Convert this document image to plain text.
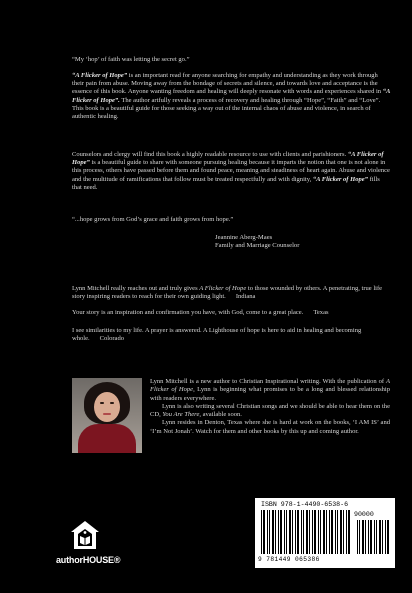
“My ‘hop’ of faith was letting the secret go.”

“A Flicker of Hope” is an important read for anyone searching for empathy and understanding as they work through their pain from abuse. Moving away from the bondage of secrets and silence, and towards love and acceptance is the essence of this book. Anyone wanting freedom and healing will deeply resonate with words and experiences shared in “A Flicker of Hope”. The author artfully reveals a process of recovery and healing through “Hope”, “Faith” and “Love”. This book is a beautiful guide for those seeking a way out of the internal chaos of abuse and violence, in search of authentic healing.

Counselors and clergy will find this book a highly readable resource to use with clients and parishioners. “A Flicker of Hope” is a beautiful guide to share with someone pursuing healing because it imparts the notion that one is not alone in this process, others have passed before them and found peace, meaning and steadiness of heart again. Abuse and violence and the multitude of ramifications that follow must be treated respectfully and with dignity, “A Flicker of Hope” fills that need.

“...hope grows from God’s grace and faith grows from hope.”

Jeannine Aberg-Maes
Family and Marriage Counselor

Lynn Mitchell really reaches out and truly gives A Flicker of Hope to those wounded by others. A penetrating, true life story inspiring readers to reach for their own guiding light. Indiana

Your story is an inspiration and confirmation you have, with God, come to a great place. Texas

I see similarities to my life. A prayer is answered. A Lighthouse of hope is here to aid in healing and becoming whole. Colorado

Lynn Mitchell is a new author to Christian Inspirational writing. With the publication of A Flicker of Hope, Lynn is beginning what promises to be a long and blessed relationship with readers everywhere.

Lynn is also writing several Christian songs and we should be able to hear them on the CD, You Are There, available soon.

Lynn resides in Denton, Texas where she is hard at work on the books, ‘I AM IS’ and ‘I’m Not Jonah’. Watch for them and other books by this up and coming author.

authorHOUSE®
ISBN 978-1-4490-6538-6
90000
9 781449 065386
